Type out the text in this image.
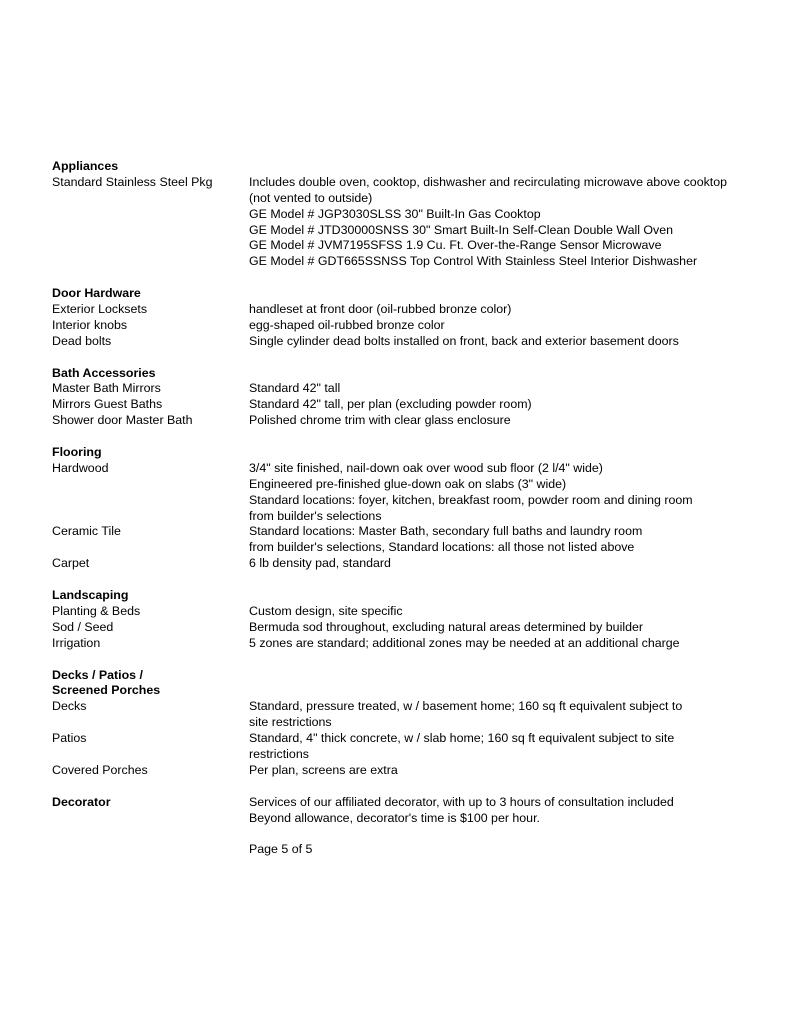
Appliances
Standard Stainless Steel Pkg	Includes double oven, cooktop, dishwasher and recirculating microwave above cooktop
(not vented to outside)
GE Model # JGP3030SLSS 30" Built-In Gas Cooktop
GE Model # JTD30000SNSS 30" Smart Built-In Self-Clean Double Wall Oven
GE Model # JVM7195SFSS 1.9 Cu. Ft. Over-the-Range Sensor Microwave
GE Model # GDT665SSNSS Top Control With Stainless Steel Interior Dishwasher
Door Hardware
Exterior Locksets	handleset at front door (oil-rubbed bronze color)
Interior knobs	egg-shaped oil-rubbed bronze color
Dead bolts	Single cylinder dead bolts installed on front, back and exterior basement doors
Bath Accessories
Master Bath Mirrors	Standard 42" tall
Mirrors Guest Baths	Standard 42" tall, per plan (excluding powder room)
Shower door Master Bath	Polished chrome trim with clear glass enclosure
Flooring
Hardwood	3/4" site finished, nail-down oak over wood sub floor (2 l/4" wide)
Engineered pre-finished glue-down oak on slabs (3" wide)
Standard locations: foyer, kitchen, breakfast room, powder room and dining room
from builder's selections
Ceramic Tile	Standard locations: Master Bath, secondary full baths and laundry room
from builder's selections, Standard locations: all those not listed above
Carpet	6 lb density pad, standard
Landscaping
Planting & Beds	Custom design, site specific
Sod / Seed	Bermuda sod throughout, excluding natural areas determined by builder
Irrigation	5 zones are standard; additional zones may be needed at an additional charge
Decks / Patios /
Screened Porches
Decks	Standard, pressure treated, w / basement home; 160 sq ft equivalent subject to
site restrictions
Patios	Standard, 4" thick concrete, w / slab home; 160 sq ft equivalent subject to site
restrictions
Covered Porches	Per plan, screens are extra
Decorator	Services of our affiliated decorator, with up to 3 hours of consultation included
Beyond allowance, decorator's time is $100 per hour.
Page 5 of 5
